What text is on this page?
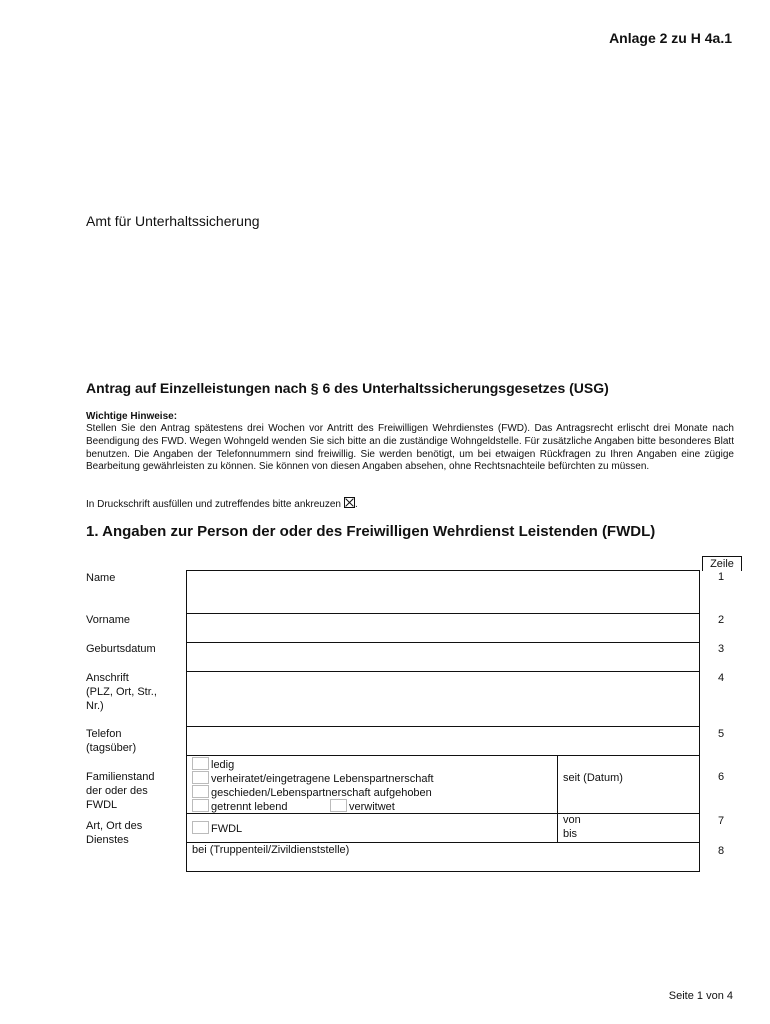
Anlage 2 zu H 4a.1
Amt für Unterhaltssicherung
Antrag auf Einzelleistungen nach § 6 des Unterhaltssicherungsgesetzes (USG)
Wichtige Hinweise:
Stellen Sie den Antrag spätestens drei Wochen vor Antritt des Freiwilligen Wehrdienstes (FWD). Das Antragsrecht erlischt drei Monate nach Beendigung des FWD. Wegen Wohngeld wenden Sie sich bitte an die zuständige Wohngeldstelle. Für zusätzliche Angaben bitte besonderes Blatt benutzen. Die Angaben der Telefonnummern sind freiwillig. Sie werden benötigt, um bei etwaigen Rückfragen zu Ihren Angaben eine zügige Bearbeitung gewährleisten zu können. Sie können von diesen Angaben absehen, ohne Rechtsnachteile befürchten zu müssen.
In Druckschrift ausfüllen und zutreffendes bitte ankreuzen .
1. Angaben zur Person der oder des Freiwilligen Wehrdienst Leistenden (FWDL)
Zeile
Name
Vorname
Geburtsdatum
Anschrift
(PLZ, Ort, Str.,
Nr.)
Telefon
(tagsüber)
Familienstand
der oder des
FWDL
Art, Ort des
Dienstes
1
2
3
4
5
6
7
8
ledig
verheiratet/eingetragene Lebenspartnerschaft
geschieden/Lebenspartnerschaft aufgehoben
getrennt lebend	verwitwet
seit (Datum)
FWDL
von
bis
bei (Truppenteil/Zivildienststelle)
Seite 1 von 4
